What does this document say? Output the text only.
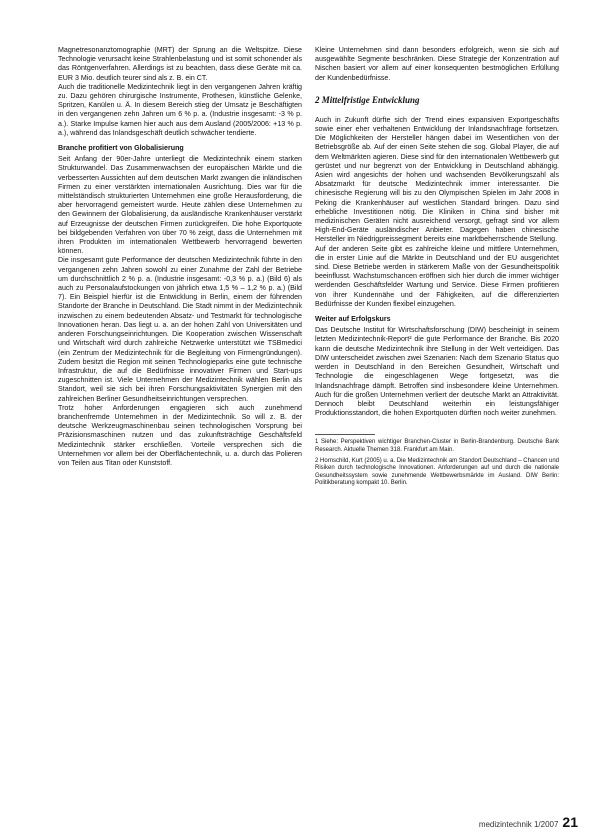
Magnetresonanztomographie (MRT) der Sprung an die Weltspitze. Diese Technologie verursacht keine Strahlenbelastung und ist somit schonender als das Röntgenverfahren. Allerdings ist zu beachten, dass diese Geräte mit ca. EUR 3 Mio. deutlich teurer sind als z. B. ein CT.

Auch die traditionelle Medizintechnik liegt in den vergangenen Jahren kräftig zu. Dazu gehören chirurgische Instrumente, Prothesen, künstliche Gelenke, Spritzen, Kanülen u. Ä. In diesem Bereich stieg der Umsatz je Beschäftigten in den vergangenen zehn Jahren um 6 % p. a. (Industrie insgesamt: -3 % p. a.). Starke Impulse kamen hier auch aus dem Ausland (2005/2006: +13 % p. a.), während das Inlandsgeschäft deutlich schwächer tendierte.

Branche profitiert von Globalisierung

Seit Anfang der 90er-Jahre unterliegt die Medizintechnik einem starken Strukturwandel. Das Zusammenwachsen der europäischen Märkte und die verbesserten Aussichten auf dem deutschen Markt zwangen die inländischen Firmen zu einer verstärkten internationalen Ausrichtung. Dies war für die mittelständisch strukturierten Unternehmen eine große Herausforderung, die aber hervorragend gemeistert wurde. Heute zählen diese Unternehmen zu den Gewinnern der Globalisierung, da ausländische Krankenhäuser verstärkt auf Erzeugnisse der deutschen Firmen zurückgreifen. Die hohe Exportquote bei bildgebenden Verfahren von über 70 % zeigt, dass die Unternehmen mit ihren Produkten im internationalen Wettbewerb hervorragend bewerten können.

Die insgesamt gute Performance der deutschen Medizintechnik führte in den vergangenen zehn Jahren sowohl zu einer Zunahme der Zahl der Betriebe um durchschnittlich 2 % p. a. (Industrie insgesamt: -0,3 % p. a.) (Bild 6) als auch zu Personalaufstockungen von jährlich etwa 1,5 % – 1,2 % p. a.) (Bild 7). Ein Beispiel hierfür ist die Entwicklung in Berlin, einem der führenden Standorte der Branche in Deutschland. Die Stadt nimmt in der Medizintechnik inzwischen zu einem bedeutenden Absatz- und Testmarkt für technologische Innovationen heran. Das liegt u. a. an der hohen Zahl von Universitäten und anderen Forschungseinrichtungen. Die Kooperation zwischen Wissenschaft und Wirtschaft wird durch zahlreiche Netzwerke unterstützt wie TSBmedici (ein Zentrum der Medizintechnik für die Begleitung von Firmengründungen). Zudem besitzt die Region mit seinen Technologieparks eine gute technische Infrastruktur, die auf die Bedürfnisse innovativer Firmen und Start-ups zugeschnitten ist. Viele Unternehmen der Medizintechnik wählen Berlin als Standort, weil sie sich bei ihren Forschungsaktivitäten Synergien mit den zahlreichen Berliner Gesundheitseinrichtungen versprechen.

Trotz hoher Anforderungen engagieren sich auch zunehmend branchenfremde Unternehmen in der Medizintechnik. So will z. B. der deutsche Werkzeugmaschinenbau seinen technologischen Vorsprung bei Präzisionsmaschinen nutzen und das zukunftsträchtige Geschäftsfeld Medizintechnik stärker erschließen. Vorteile versprechen sich die Unternehmen vor allem bei der Oberflächentechnik, u. a. durch das Polieren von Teilen aus Titan oder Kunststoff.

Kleine Unternehmen sind dann besonders erfolgreich, wenn sie sich auf ausgewählte Segmente beschränken. Diese Strategie der Konzentration auf Nischen basiert vor allem auf einer konsequenten bestmöglichen Erfüllung der Kundenbedürfnisse.

2 Mittelfristige Entwicklung

Auch in Zukunft dürfte sich der Trend eines expansiven Exportgeschäfts sowie einer eher verhaltenen Entwicklung der Inlandsnachfrage fortsetzen. Die Möglichkeiten der Hersteller hängen dabei im Wesentlichen von der Betriebsgröße ab. Auf der einen Seite stehen die sog. Global Player, die auf dem Weltmärkten agieren. Diese sind für den internationalen Wettbewerb gut gerüstet und nur begrenzt von der Entwicklung in Deutschland abhängig. Asien wird angesichts der hohen und wachsenden Bevölkerungszahl als Absatzmarkt für deutsche Medizintechnik immer interessanter. Die chinesische Regierung will bis zu den Olympischen Spielen im Jahr 2008 in Peking die Krankenhäuser auf westlichen Standard bringen. Dazu sind erhebliche Investitionen nötig. Die Kliniken in China sind bisher mit medizinischen Geräten nicht ausreichend versorgt, gefragt sind vor allem High-End-Geräte ausländischer Anbieter. Dagegen haben chinesische Hersteller im Niedrigpreissegment bereits eine marktbeherrschende Stellung.

Auf der anderen Seite gibt es zahlreiche kleine und mittlere Unternehmen, die in erster Linie auf die Märkte in Deutschland und der EU ausgerichtet sind. Diese Betriebe werden in stärkerem Maße von der Gesundheitspolitik beeinflusst. Wachstumschancen eröffnen sich hier durch die immer wichtiger werdenden Geschäftsfelder Wartung und Service. Diese Firmen profitieren von ihrer Kundennähe und der Fähigkeiten, auf die differenzierten Bedürfnisse der Kunden flexibel einzugehen.

Weiter auf Erfolgskurs

Das Deutsche Institut für Wirtschaftsforschung (DIW) bescheinigt in seinem letzten Medizintechnik-Report² die gute Performance der Branche. Bis 2020 kann die deutsche Medizintechnik ihre Stellung in der Welt verteidigen. Das DIW unterscheidet zwischen zwei Szenarien: Nach dem Szenario Status quo werden in Deutschland in den Bereichen Gesundheit, Wirtschaft und Technologie die eingeschlagenen Wege fortgesetzt, was die Inlandsnachfrage dämpft. Betroffen sind insbesondere kleine Unternehmen. Auch für die großen Unternehmen verliert der deutsche Markt an Attraktivität. Dennoch bleibt Deutschland weiterhin ein leistungsfähiger Produktionsstandort, die hohen Exportquoten dürften noch weiter zunehmen.

1 Siehe: Perspektiven wichtiger Branchen-Cluster in Berlin-Brandenburg. Deutsche Bank Research. Aktuelle Themen 318. Frankfurt am Main.

2 Hornschild, Kurt (2005) u. a. Die Medizintechnik am Standort Deutschland – Chancen und Risiken durch technologische Innovationen. Anforderungen auf und durch die nationale Gesundheitssystem sowie zunehmende Wettbewerbsmärkte im Ausland. DIW Berlin: Politikberatung kompakt 10. Berlin.

medizintechnik 1/2007 21
